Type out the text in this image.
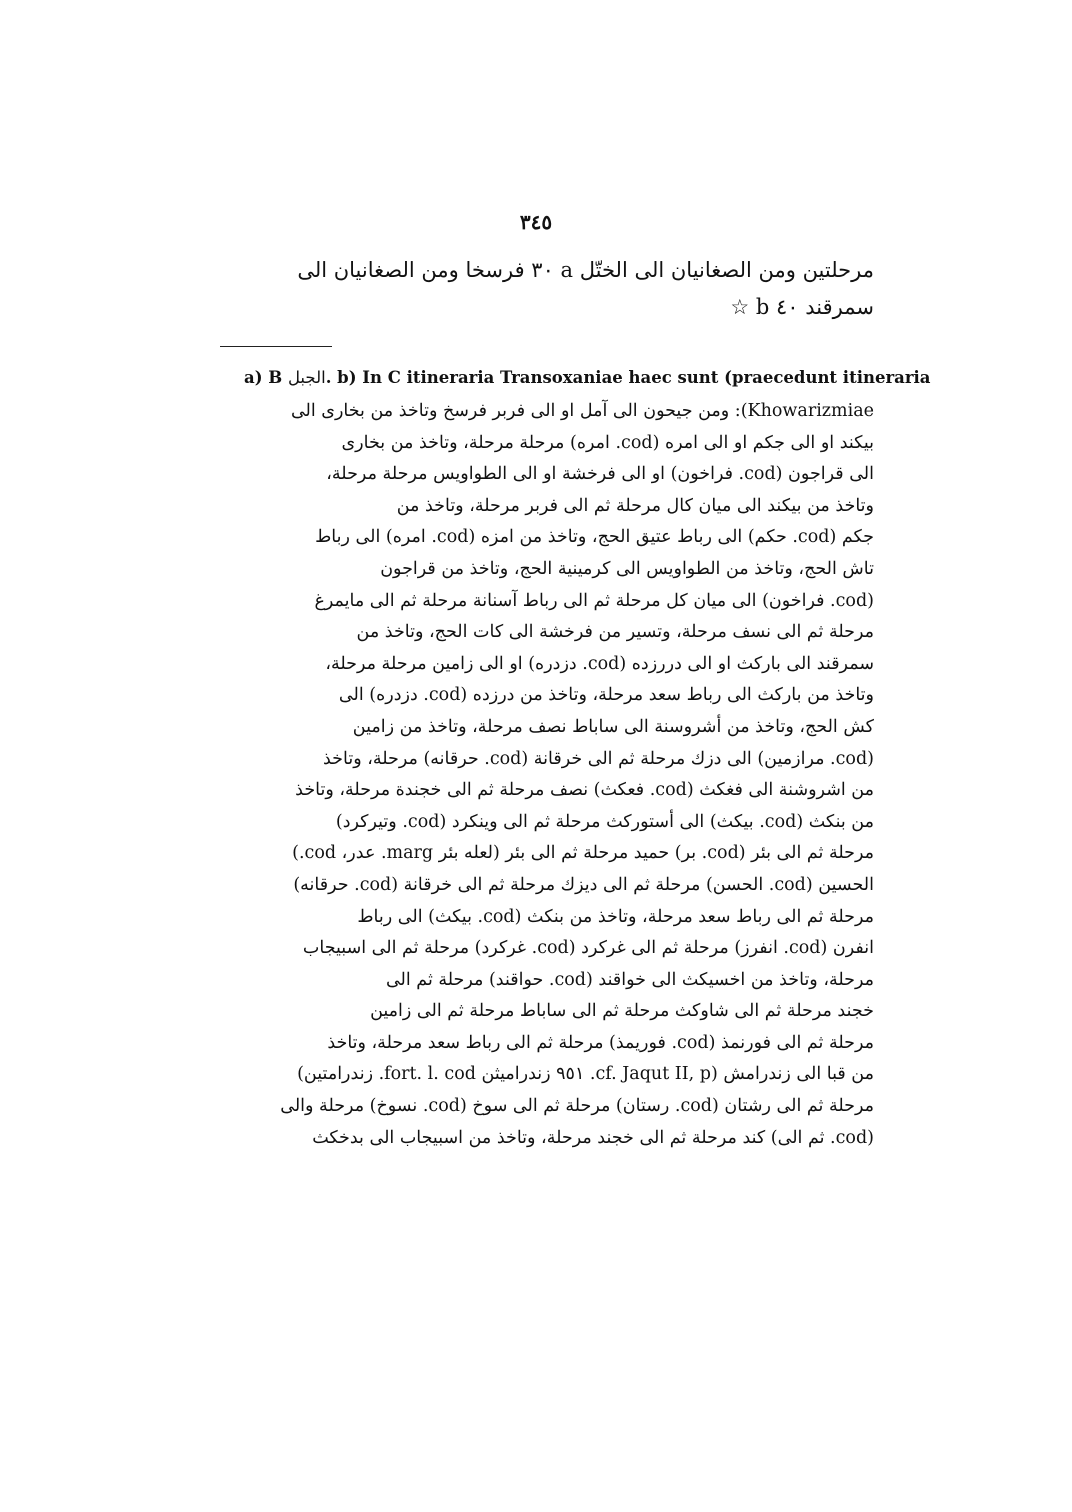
٣٤٥
مرحلتين ومن الصغانيان الى الختّل a ٣٠ فرسخا ومن الصغانيان الى
سمرقند ٤٠ b ☆
a) B الجبل. b) In C itineraria Transoxaniae haec sunt (praecedunt itineraria
Khowarizmiae): ومن جيحون الى آمل او الى فربر فرسخ وتاخذ من بخارى الى
بيكند او الى جكم او الى امره (cod. امره) مرحلة مرحلة، وتاخذ من بخارى
الى قراجون (cod. فراخون) او الى فرخشة او الى الطواويس مرحلة مرحلة،
وتاخذ من بيكند الى ميان كال مرحلة ثم الى فربر مرحلة، وتاخذ من
جكم (cod. حكم) الى رباط عتيق الحج، وتاخذ من امزه (cod. امره) الى رباط
تاش الحج، وتاخذ من الطواويس الى كرمينية الحج، وتاخذ من قراجون
(cod. فراخون) الى ميان كل مرحلة ثم الى رباط آسنانة مرحلة ثم الى مايمرغ
مرحلة ثم الى نسف مرحلة، وتسير من فرخشة الى كات الحج، وتاخذ من
سمرقند الى باركث او الى دررزده (cod. دزدره) او الى زامين مرحلة مرحلة،
وتاخذ من باركث الى رباط سعد مرحلة، وتاخذ من درزده (cod. دزدره) الى
كش الحج، وتاخذ من أشروسنة الى ساباط نصف مرحلة، وتاخذ من زامين
(cod. مرازمين) الى دزك مرحلة ثم الى خرقانة (cod. حرقانه) مرحلة، وتاخذ
من اشروشنة الى فغكث (cod. فعكث) نصف مرحلة ثم الى خجندة مرحلة، وتاخذ
من بنكث (cod. بيكث) الى أستورکث مرحلة ثم الى وينكرد (cod. وتيرکرد)
مرحلة ثم الى بئر (cod. بر) حميد مرحلة ثم الى بئر (لعله بئر marg. عدر، cod.)
الحسين (cod. الحسن) مرحلة ثم الى ديزك مرحلة ثم الى خرقانة (cod. حرقانه)
مرحلة ثم الى رباط سعد مرحلة، وتاخذ من بنكث (cod. بيكث) الى رباط
انفرن (cod. انفرز) مرحلة ثم الى غركرد (cod. غركرد) مرحلة ثم الى اسبيجاب
مرحلة، وتاخذ من اخسيكث الى خواقند (cod. حواقند) مرحلة ثم الى
خجند مرحلة ثم الى شاوكث مرحلة ثم الى ساباط مرحلة ثم الى زامين
مرحلة ثم الى فورنمذ (cod. فوريمذ) مرحلة ثم الى رباط سعد مرحلة، وتاخذ
من قبا الى زندرامش (cf. Jaqut II, p. ٩٥١ زندرامیثن fort. l. cod. زندرامتين)
مرحلة ثم الى رشتان (cod. رستان) مرحلة ثم الى سوخ (cod. نسوخ) مرحلة والى
(cod. ثم الى) كند مرحلة ثم الى خجند مرحلة، وتاخذ من اسبيجاب الى بدخكث
